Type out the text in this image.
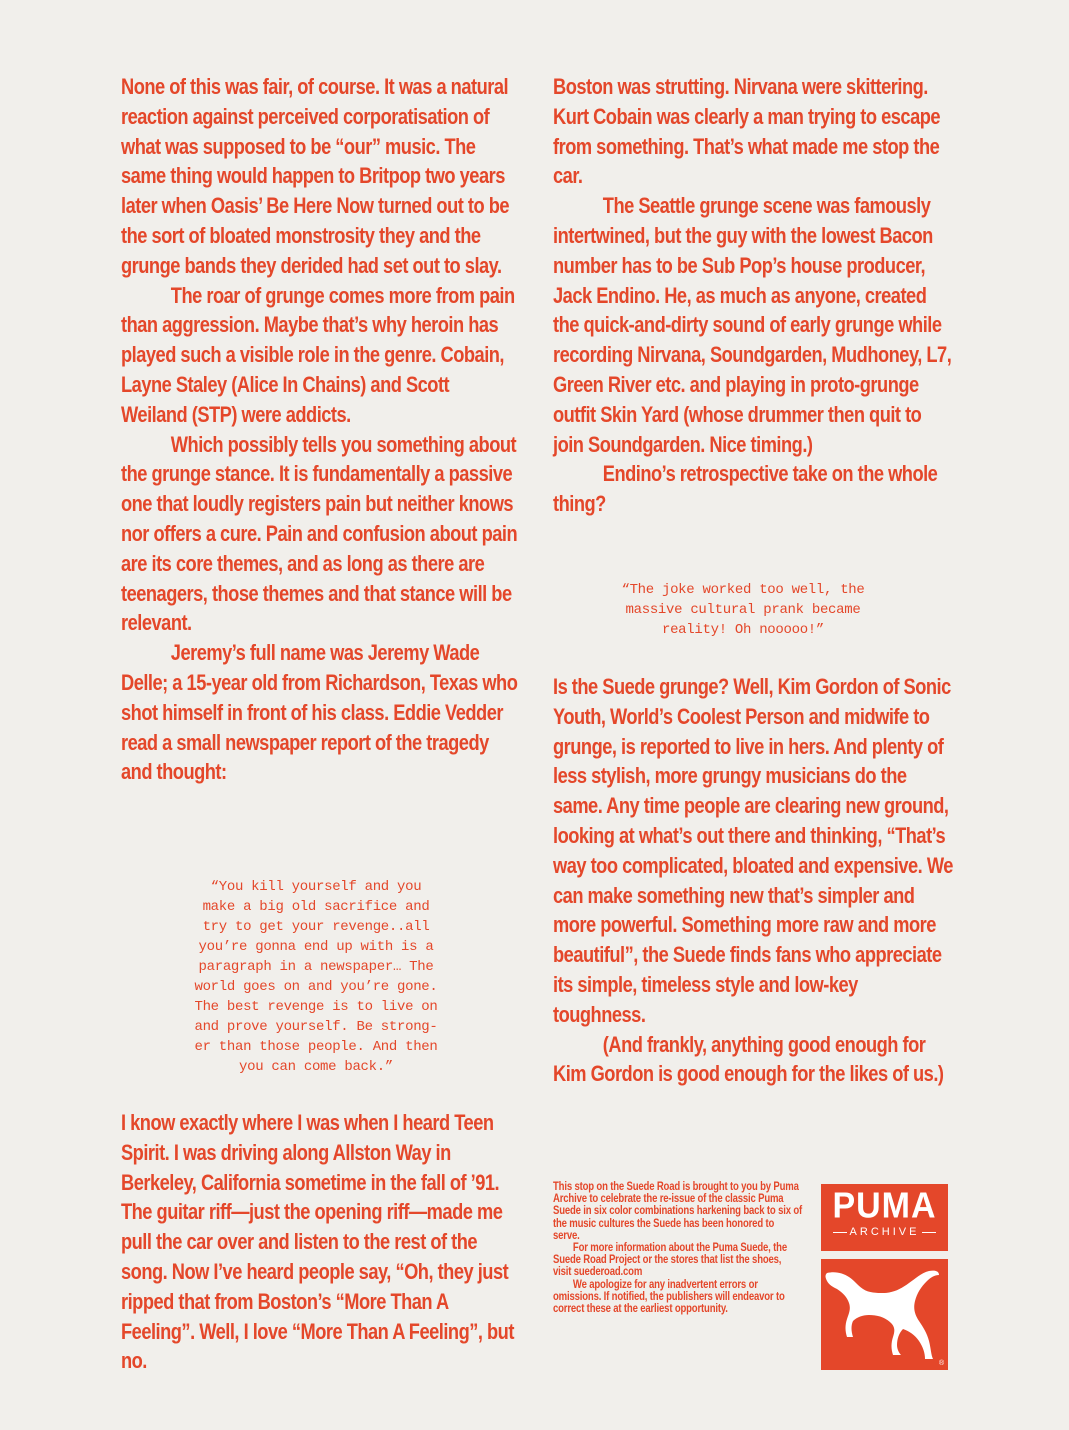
None of this was fair, of course. It was a natural reaction against perceived corporatisation of what was supposed to be “our” music. The same thing would happen to Britpop two years later when Oasis’ Be Here Now turned out to be the sort of bloated monstrosity they and the grunge bands they derided had set out to slay.

The roar of grunge comes more from pain than aggression. Maybe that’s why heroin has played such a visible role in the genre. Cobain, Layne Staley (Alice In Chains) and Scott Weiland (STP) were addicts.

Which possibly tells you something about the grunge stance. It is fundamentally a passive one that loudly registers pain but neither knows nor offers a cure. Pain and confusion about pain are its core themes, and as long as there are teenagers, those themes and that stance will be relevant.

Jeremy’s full name was Jeremy Wade Delle; a 15-year old from Richardson, Texas who shot himself in front of his class. Eddie Vedder read a small newspaper report of the tragedy and thought:

“You kill yourself and you
make a big old sacrifice and
try to get your revenge..all
you’re gonna end up with is a
paragraph in a newspaper… The
world goes on and you’re gone.
The best revenge is to live on
and prove yourself. Be strong-
er than those people. And then
you can come back.”

I know exactly where I was when I heard Teen Spirit. I was driving along Allston Way in Berkeley, California sometime in the fall of ’91. The guitar riff—just the opening riff—made me pull the car over and listen to the rest of the song. Now I’ve heard people say, “Oh, they just ripped that from Boston’s “More Than A Feeling”. Well, I love “More Than A Feeling”, but no.

Boston was strutting. Nirvana were skittering. Kurt Cobain was clearly a man trying to escape from something. That’s what made me stop the car.

The Seattle grunge scene was famously intertwined, but the guy with the lowest Bacon number has to be Sub Pop’s house producer, Jack Endino. He, as much as anyone, created the quick-and-dirty sound of early grunge while recording Nirvana, Soundgarden, Mudhoney, L7, Green River etc. and playing in proto-grunge outfit Skin Yard (whose drummer then quit to join Soundgarden. Nice timing.)

Endino’s retrospective take on the whole thing?

“The joke worked too well, the
massive cultural prank became
reality! Oh nooooo!”

Is the Suede grunge? Well, Kim Gordon of Sonic Youth, World’s Coolest Person and midwife to grunge, is reported to live in hers. And plenty of less stylish, more grungy musicians do the same. Any time people are clearing new ground, looking at what’s out there and thinking, “That’s way too complicated, bloated and expensive. We can make something new that’s simpler and more powerful. Something more raw and more beautiful”, the Suede finds fans who appreciate its simple, timeless style and low-key toughness.

(And frankly, anything good enough for Kim Gordon is good enough for the likes of us.)

This stop on the Suede Road is brought to you by Puma Archive to celebrate the re-issue of the classic Puma Suede in six color combinations harkening back to six of the music cultures the Suede has been honored to serve.

For more information about the Puma Suede, the Suede Road Project or the stores that list the shoes, visit suederoad.com

We apologize for any inadvertent errors or omissions. If notified, the publishers will endeavor to correct these at the earliest opportunity.

PUMA
ARCHIVE
®
